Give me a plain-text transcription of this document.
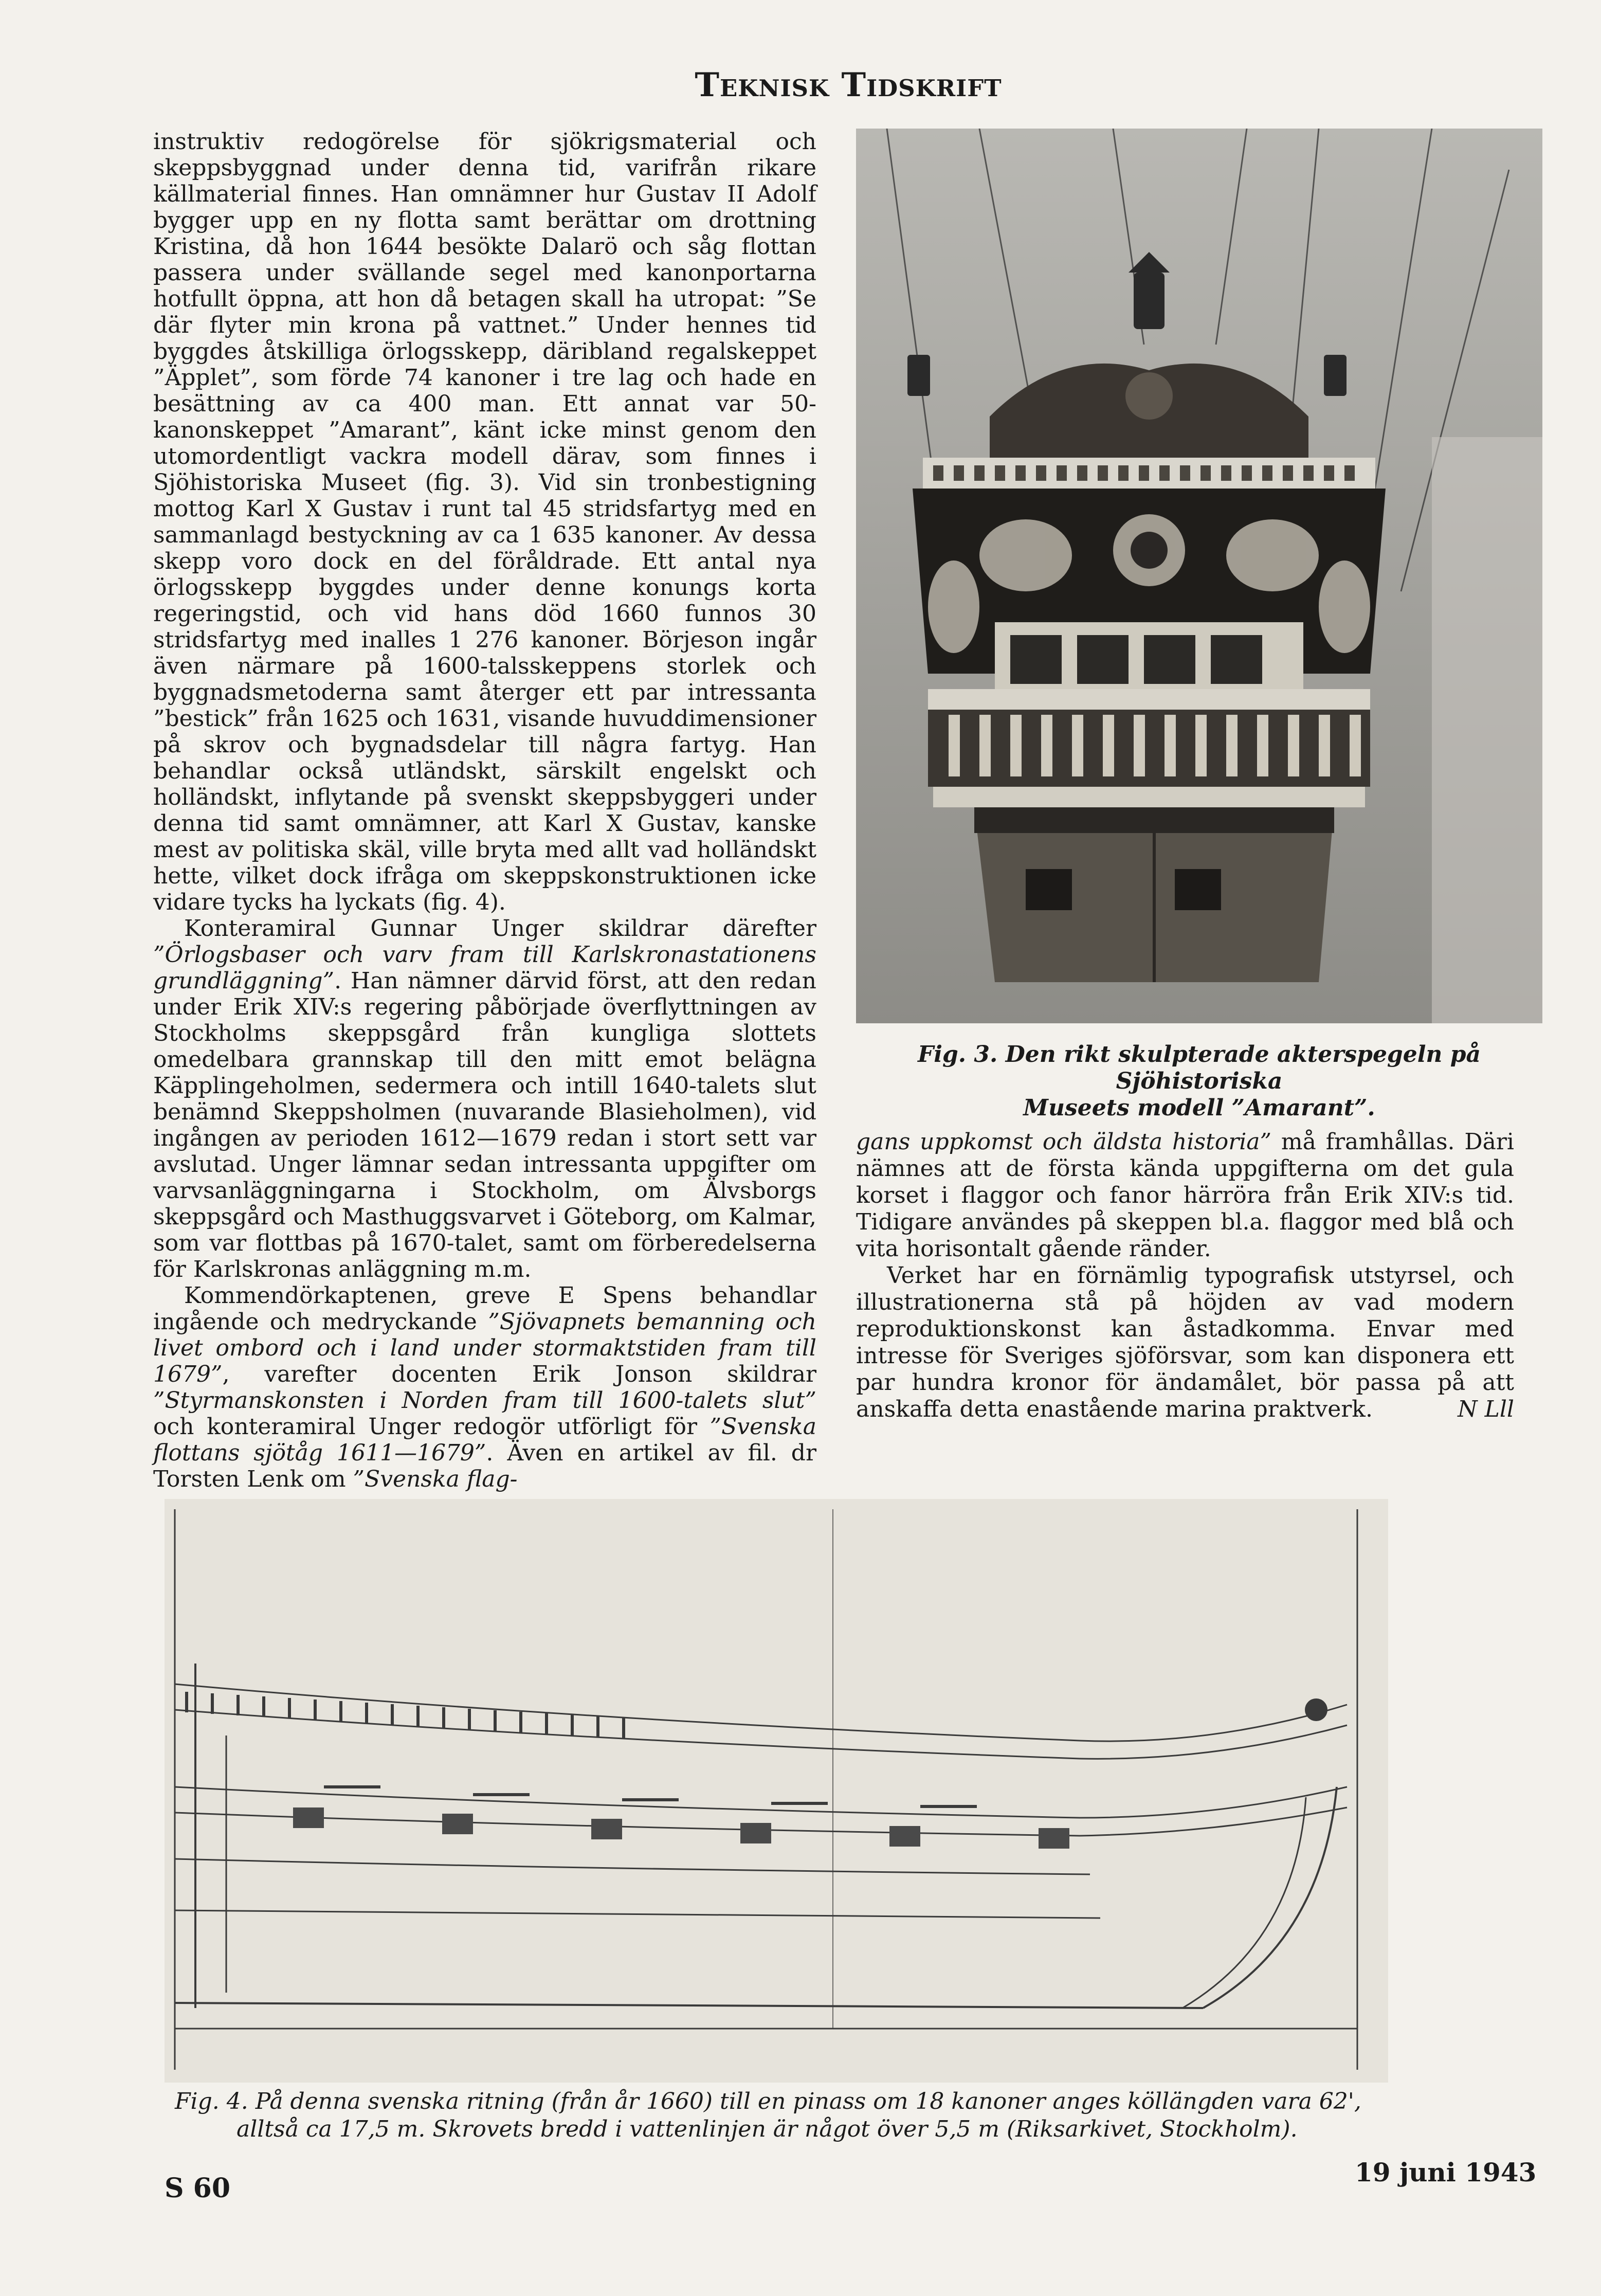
Teknisk Tidskrift

instruktiv redogörelse för sjökrigsmaterial och skeppsbyggnad under denna tid, varifrån rikare källmaterial finnes. Han omnämner hur Gustav II Adolf bygger upp en ny flotta samt berättar om drottning Kristina, då hon 1644 besökte Dalarö och såg flottan passera under svällande segel med kanonportarna hotfullt öppna, att hon då betagen skall ha utropat: ”Se där flyter min krona på vattnet.” Under hennes tid byggdes åtskilliga örlogsskepp, däribland regalskeppet ”Äpplet”, som förde 74 kanoner i tre lag och hade en besättning av ca 400 man. Ett annat var 50-kanonskeppet ”Amarant”, känt icke minst genom den utomordentligt vackra modell därav, som finnes i Sjöhistoriska Museet (fig. 3). Vid sin tronbestigning mottog Karl X Gustav i runt tal 45 stridsfartyg med en sammanlagd bestyckning av ca 1 635 kanoner. Av dessa skepp voro dock en del föråldrade. Ett antal nya örlogsskepp byggdes under denne konungs korta regeringstid, och vid hans död 1660 funnos 30 stridsfartyg med inalles 1 276 kanoner. Börjeson ingår även närmare på 1600-talsskeppens storlek och byggnadsmetoderna samt återger ett par intressanta ”bestick” från 1625 och 1631, visande huvuddimensioner på skrov och bygnadsdelar till några fartyg. Han behandlar också utländskt, särskilt engelskt och holländskt, inflytande på svenskt skeppsbyggeri under denna tid samt omnämner, att Karl X Gustav, kanske mest av politiska skäl, ville bryta med allt vad holländskt hette, vilket dock ifråga om skeppskonstruktionen icke vidare tycks ha lyckats (fig. 4).

Konteramiral Gunnar Unger skildrar därefter ”Örlogsbaser och varv fram till Karlskronastationens grundläggning”. Han nämner därvid först, att den redan under Erik XIV:s regering påbörjade överflyttningen av Stockholms skeppsgård från kungliga slottets omedelbara grannskap till den mitt emot belägna Käpplingeholmen, sedermera och intill 1640-talets slut benämnd Skeppsholmen (nuvarande Blasieholmen), vid ingången av perioden 1612—1679 redan i stort sett var avslutad. Unger lämnar sedan intressanta uppgifter om varvsanläggningarna i Stockholm, om Älvsborgs skeppsgård och Masthuggsvarvet i Göteborg, om Kalmar, som var flottbas på 1670-talet, samt om förberedelserna för Karlskronas anläggning m.m.

Kommendörkaptenen, greve E Spens behandlar ingående och medryckande ”Sjövapnets bemanning och livet ombord och i land under stormaktstiden fram till 1679”, varefter docenten Erik Jonson skildrar ”Styrmanskonsten i Norden fram till 1600-talets slut” och konteramiral Unger redogör utförligt för ”Svenska flottans sjötåg 1611—1679”. Även en artikel av fil. dr Torsten Lenk om ”Svenska flag-

Fig. 3. Den rikt skulpterade akterspegeln på Sjöhistoriska
Museets modell ”Amarant”.

gans uppkomst och äldsta historia” må framhållas. Däri nämnes att de första kända uppgifterna om det gula korset i flaggor och fanor härröra från Erik XIV:s tid. Tidigare användes på skeppen bl.a. flaggor med blå och vita horisontalt gående ränder.

Verket har en förnämlig typografisk utstyrsel, och illustrationerna stå på höjden av vad modern reproduktionskonst kan åstadkomma. Envar med intresse för Sveriges sjöförsvar, som kan disponera ett par hundra kronor för ändamålet, bör passa på att anskaffa detta enastående marina praktverk.	N Lll
Fig. 4. På denna svenska ritning (från år 1660) till en pinass om 18 kanoner anges köllängden vara 62',
alltså ca 17,5 m. Skrovets bredd i vattenlinjen är något över 5,5 m (Riksarkivet, Stockholm).
S 60
19 juni 1943
